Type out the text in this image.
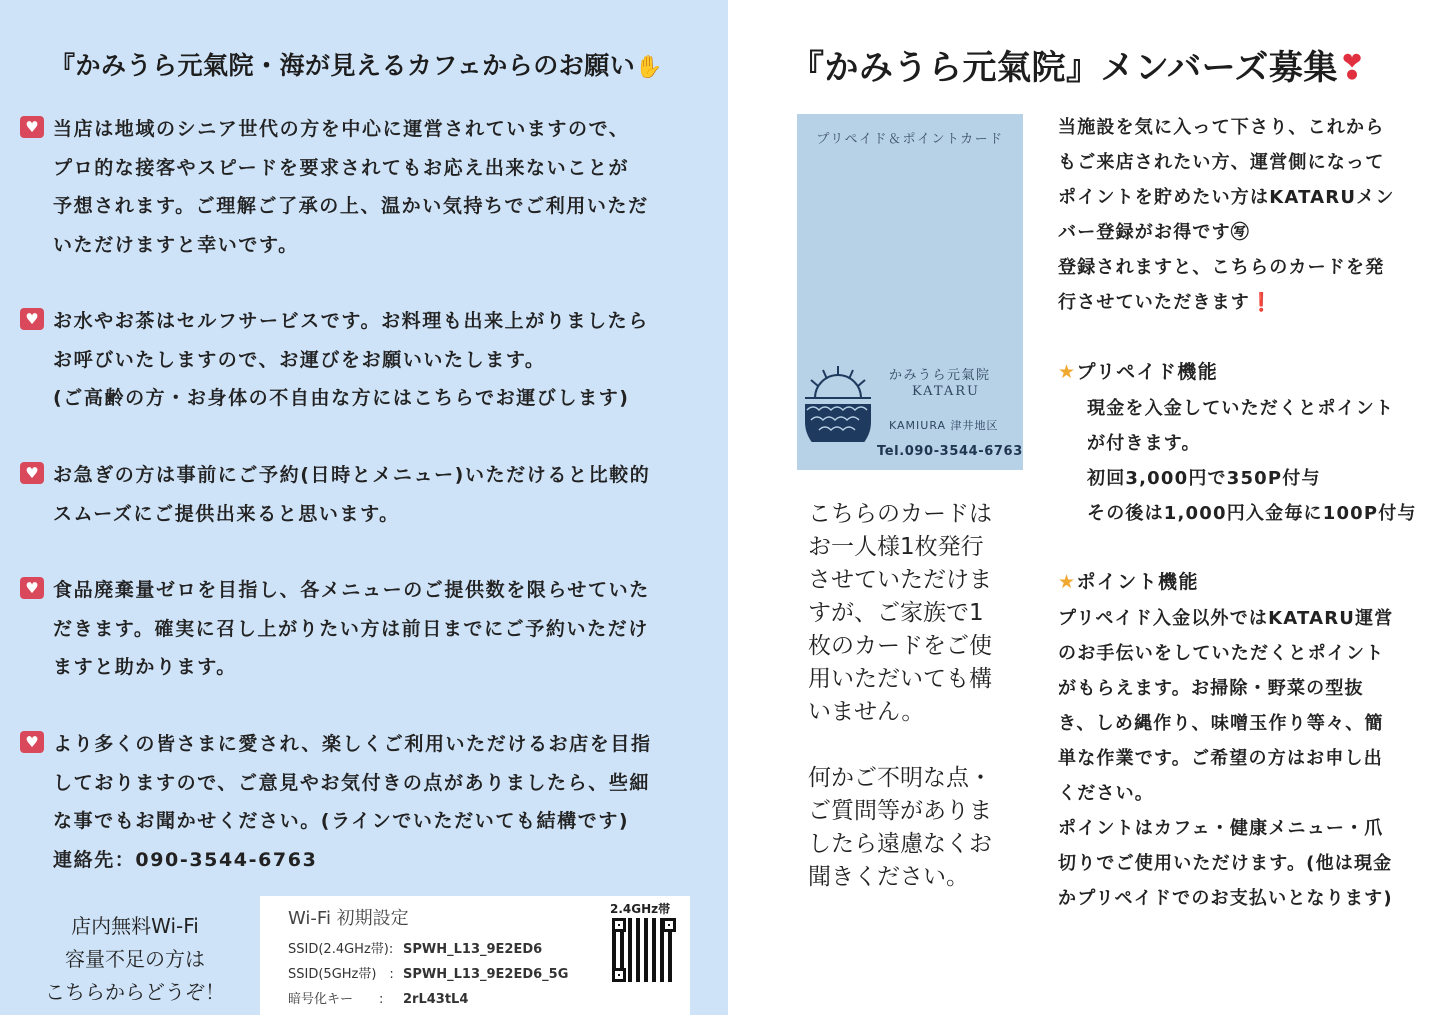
『かみうら元氣院・海が見えるカフェからのお願い✋
♥ 当店は地域のシニア世代の方を中心に運営されていますので、
プロ的な接客やスピードを要求されてもお応え出来ないことが
予想されます。ご理解ご了承の上、温かい気持ちでご利用いただ
いただけますと幸いです。
♥ お水やお茶はセルフサービスです。お料理も出来上がりましたら
お呼びいたしますので、お運びをお願いいたします。
(ご高齢の方・お身体の不自由な方にはこちらでお運びします)
♥ お急ぎの方は事前にご予約(日時とメニュー)いただけると比較的
スムーズにご提供出来ると思います。
♥ 食品廃棄量ゼロを目指し、各メニューのご提供数を限らせていた
だきます。確実に召し上がりたい方は前日までにご予約いただけ
ますと助かります。
♥ より多くの皆さまに愛され、楽しくご利用いただけるお店を目指
しておりますので、ご意見やお気付きの点がありましたら、些細
な事でもお聞かせください。(ラインでいただいても結構です)
連絡先：090-3544-6763
店内無料Wi-Fi
容量不足の方は
こちらからどうぞ！
Wi-Fi 初期設定	2.4GHz帯
SSID(2.4GHz帯): SPWH_L13_9E2ED6
SSID(5GHz帯)　: SPWH_L13_9E2ED6_5G
暗号化キー　　: 2rL43tL4
『かみうら元氣院』メンバーズ募集❣
プリペイド＆ポイントカード
かみうら元氣院
KATARU
KAMIURA 津井地区
Tel.090-3544-6763
こちらのカードは
お一人様1枚発行
させていただけま
すが、ご家族で1
枚のカードをご使
用いただいても構
いません。

何かご不明な点・
ご質問等がありま
したら遠慮なくお
聞きください。
当施設を気に入って下さり、これから
もご来店されたい方、運営側になって
ポイントを貯めたい方はKATARUメン
バー登録がお得です㊢
登録されますと、こちらのカードを発
行させていただきます❗
★プリペイド機能
現金を入金していただくとポイント
が付きます。
初回3,000円で350P付与
その後は1,000円入金毎に100P付与
★ポイント機能
プリペイド入金以外ではKATARU運営
のお手伝いをしていただくとポイント
がもらえます。お掃除・野菜の型抜
き、しめ縄作り、味噌玉作り等々、簡
単な作業です。ご希望の方はお申し出
ください。
ポイントはカフェ・健康メニュー・爪
切りでご使用いただけます。(他は現金
かプリペイドでのお支払いとなります)
